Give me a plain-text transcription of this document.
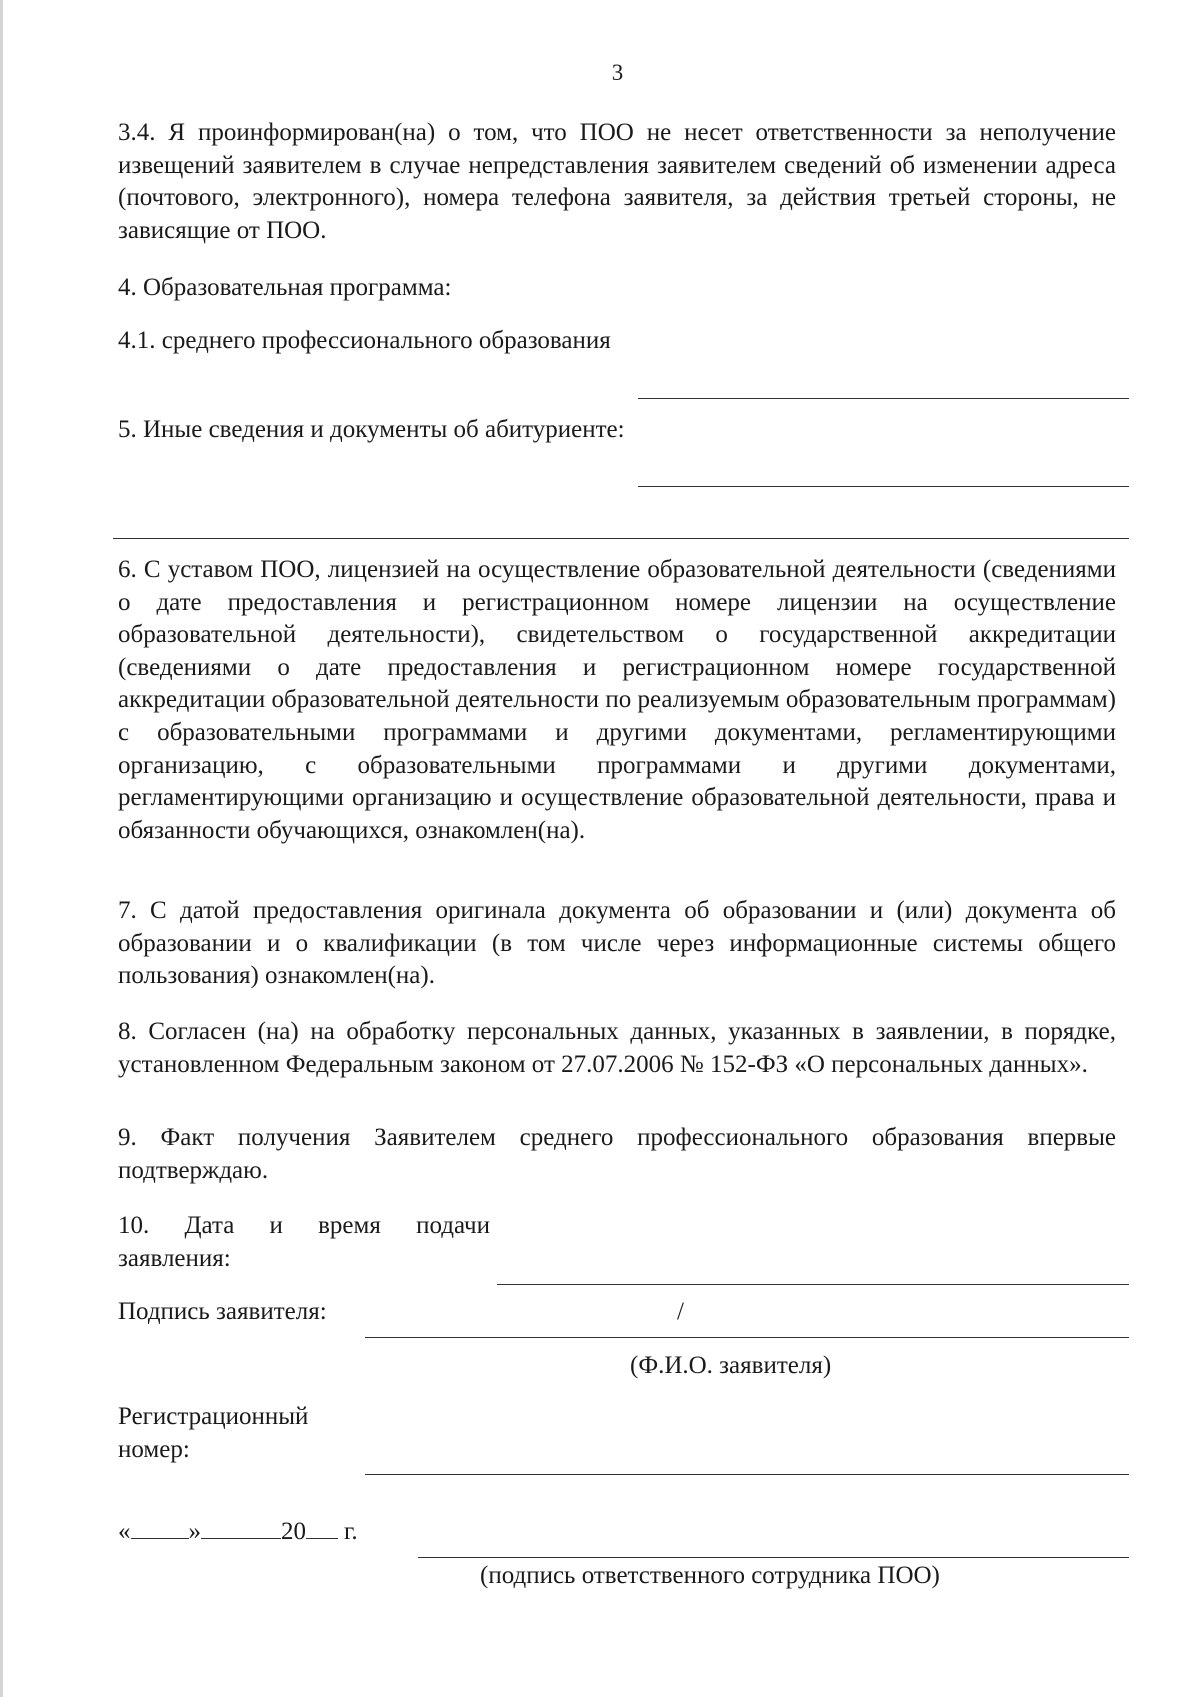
3
3.4. Я проинформирован(на) о том, что ПОО не несет ответственности за неполучение извещений заявителем в случае непредставления заявителем сведений об изменении адреса (почтового, электронного), номера телефона заявителя, за действия третьей стороны, не зависящие от ПОО.
4. Образовательная программа:
4.1. среднего профессионального образования
5. Иные сведения и документы об абитуриенте:
6. С уставом ПОО, лицензией на осуществление образовательной деятельности (сведениями о дате предоставления и регистрационном номере лицензии на осуществление образовательной деятельности), свидетельством о государственной аккредитации (сведениями о дате предоставления и регистрационном номере государственной аккредитации образовательной деятельности по реализуемым образовательным программам) с образовательными программами и другими документами, регламентирующими организацию, с образовательными программами и другими документами, регламентирующими организацию и осуществление образовательной деятельности, права и обязанности обучающихся, ознакомлен(на).
7. С датой предоставления оригинала документа об образовании и (или) документа об образовании и о квалификации (в том числе через информационные системы общего пользования) ознакомлен(на).
8. Согласен (на) на обработку персональных данных, указанных в заявлении, в порядке, установленном Федеральным законом от 27.07.2006 № 152-ФЗ «О персональных данных».
9. Факт получения Заявителем среднего профессионального образования впервые подтверждаю.
10. Дата и время подачи заявления:
Подпись заявителя:	/
(Ф.И.О. заявителя)
Регистрационный номер:
« »	20 г.
(подпись ответственного сотрудника ПОО)
